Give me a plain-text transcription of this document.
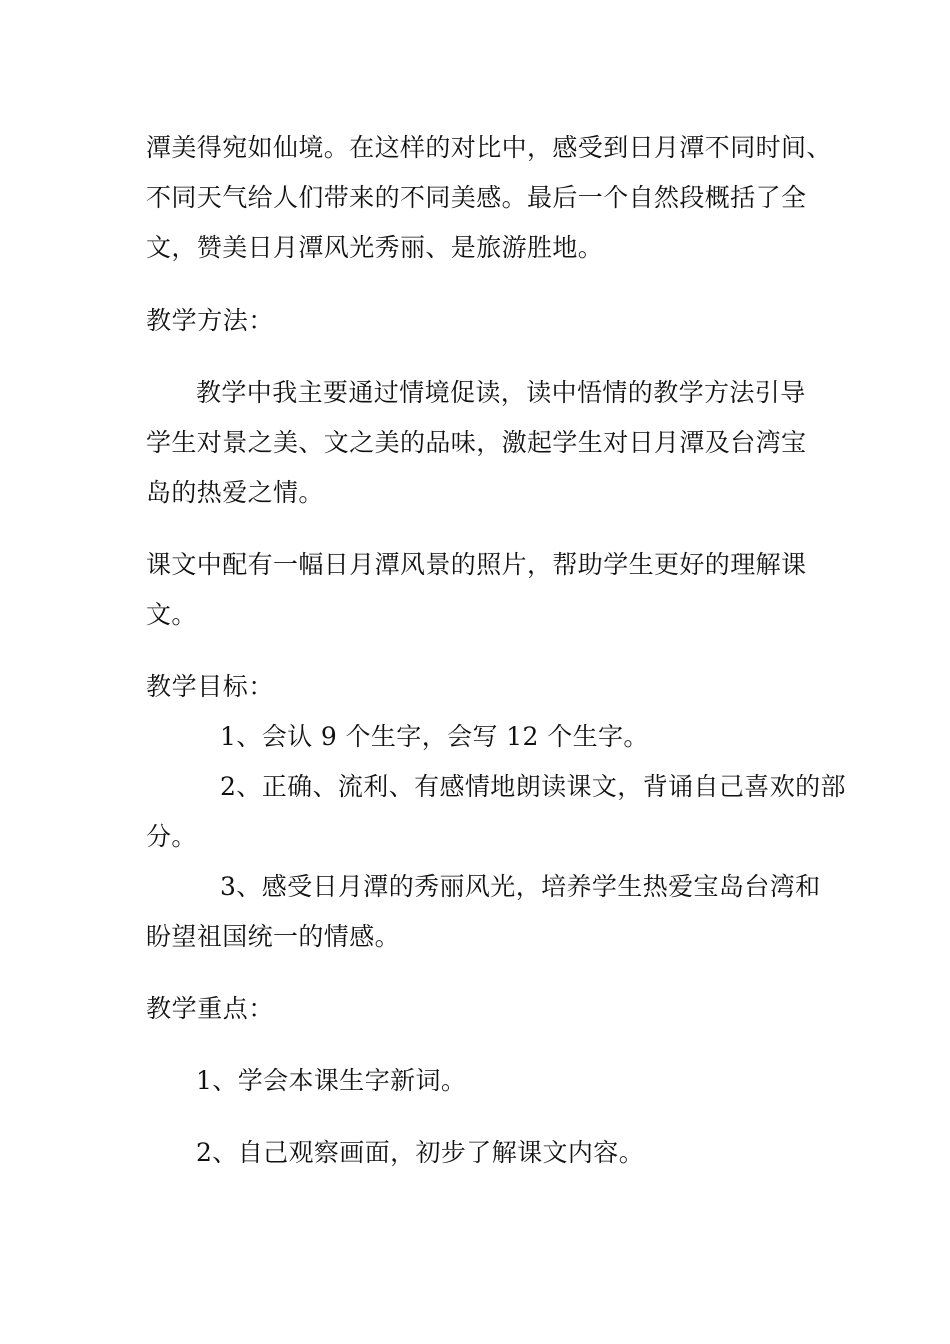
潭美得宛如仙境。在这样的对比中，感受到日月潭不同时间、
不同天气给人们带来的不同美感。最后一个自然段概括了全
文，赞美日月潭风光秀丽、是旅游胜地。
教学方法：
教学中我主要通过情境促读，读中悟情的教学方法引导
学生对景之美、文之美的品味，激起学生对日月潭及台湾宝
岛的热爱之情。
课文中配有一幅日月潭风景的照片，帮助学生更好的理解课
文。
教学目标：
1、会认 9 个生字，会写 12 个生字。
2、正确、流利、有感情地朗读课文，背诵自己喜欢的部
分。
3、感受日月潭的秀丽风光，培养学生热爱宝岛台湾和
盼望祖国统一的情感。
教学重点：
1、学会本课生字新词。
2、自己观察画面，初步了解课文内容。
